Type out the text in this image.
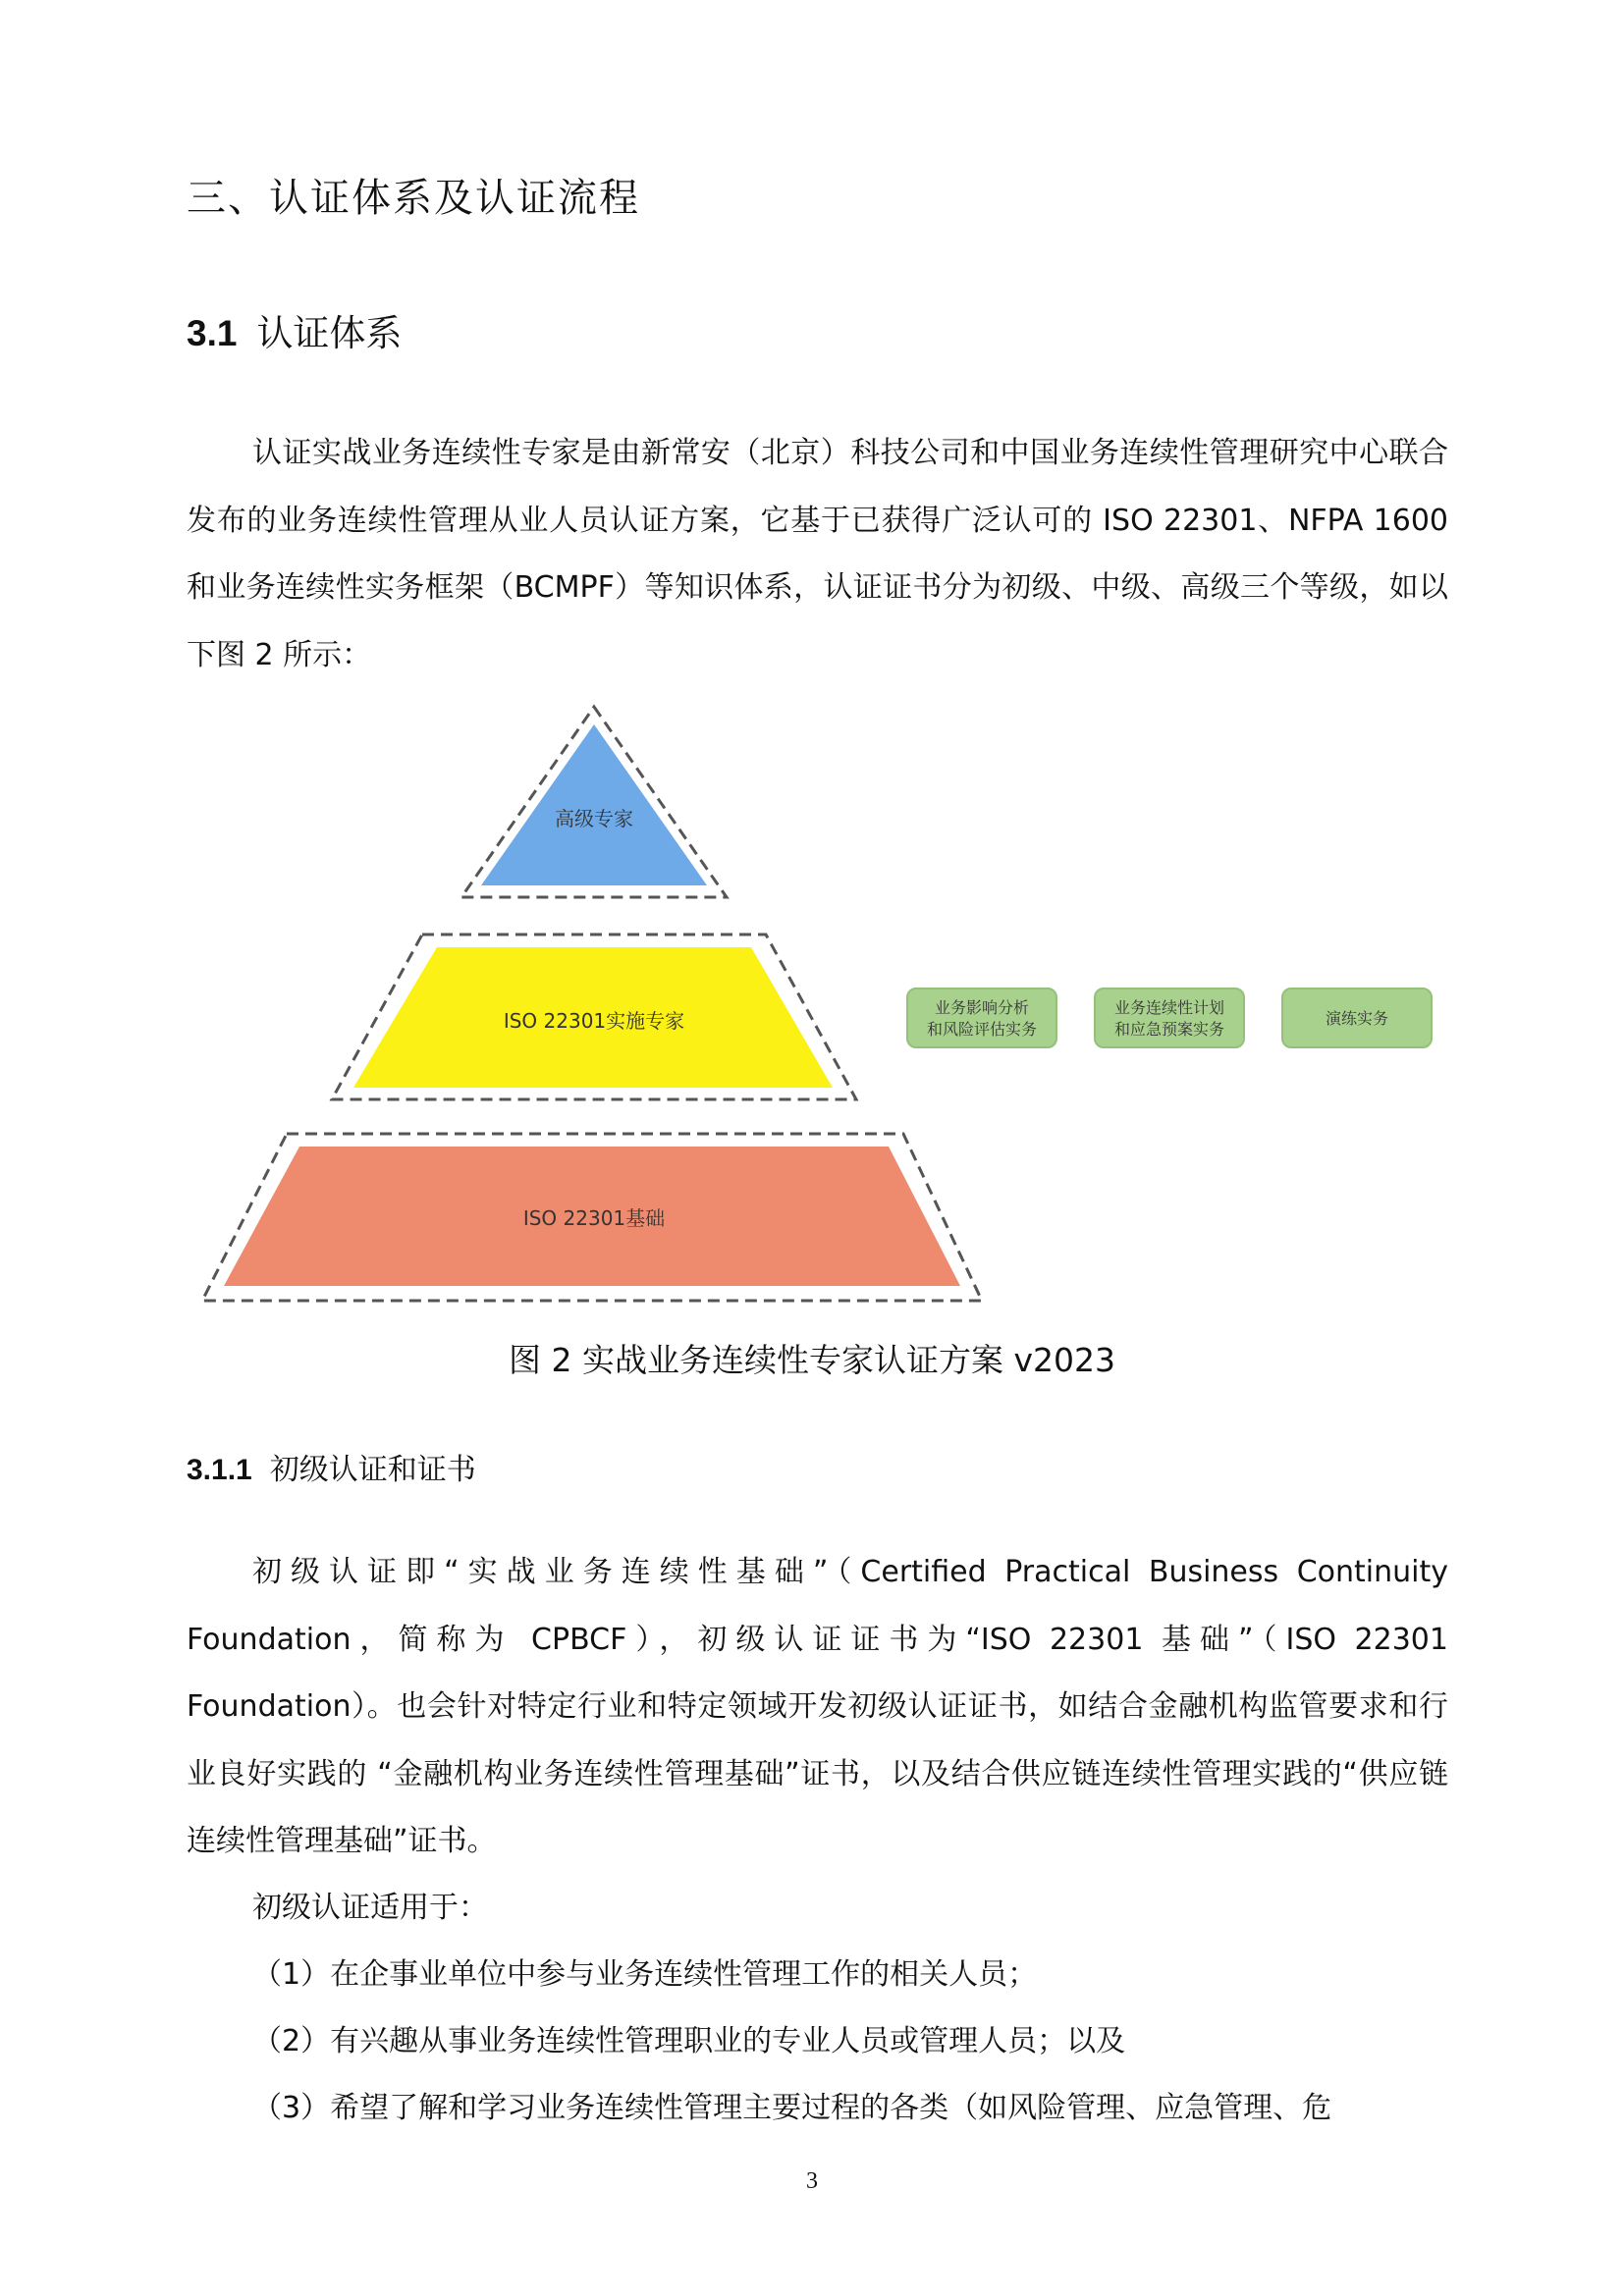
三、认证体系及认证流程
3.1 认证体系

认证实战业务连续性专家是由新常安（北京）科技公司和中国业务连续性管理研究中心联合发布的业务连续性管理从业人员认证方案，它基于已获得广泛认可的 ISO 22301、NFPA 1600 和业务连续性实务框架（BCMPF）等知识体系，认证证书分为初级、中级、高级三个等级，如以下图 2 所示：

高级专家
ISO 22301实施专家
ISO 22301基础
业务影响分析
和风险评估实务
业务连续性计划
和应急预案实务
演练实务
图 2 实战业务连续性专家认证方案 v2023
3.1.1 初级认证和证书

初级认证即“实战业务连续性基础”（Certified Practical Business Continuity Foundation，简称为 CPBCF），初级认证证书为“ISO 22301 基础”（ISO 22301 Foundation）。也会针对特定行业和特定领域开发初级认证证书，如结合金融机构监管要求和行业良好实践的 “金融机构业务连续性管理基础”证书，以及结合供应链连续性管理实践的“供应链连续性管理基础”证书。

初级认证适用于：
（1）在企事业单位中参与业务连续性管理工作的相关人员；
（2）有兴趣从事业务连续性管理职业的专业人员或管理人员；以及
（3）希望了解和学习业务连续性管理主要过程的各类（如风险管理、应急管理、危
3
